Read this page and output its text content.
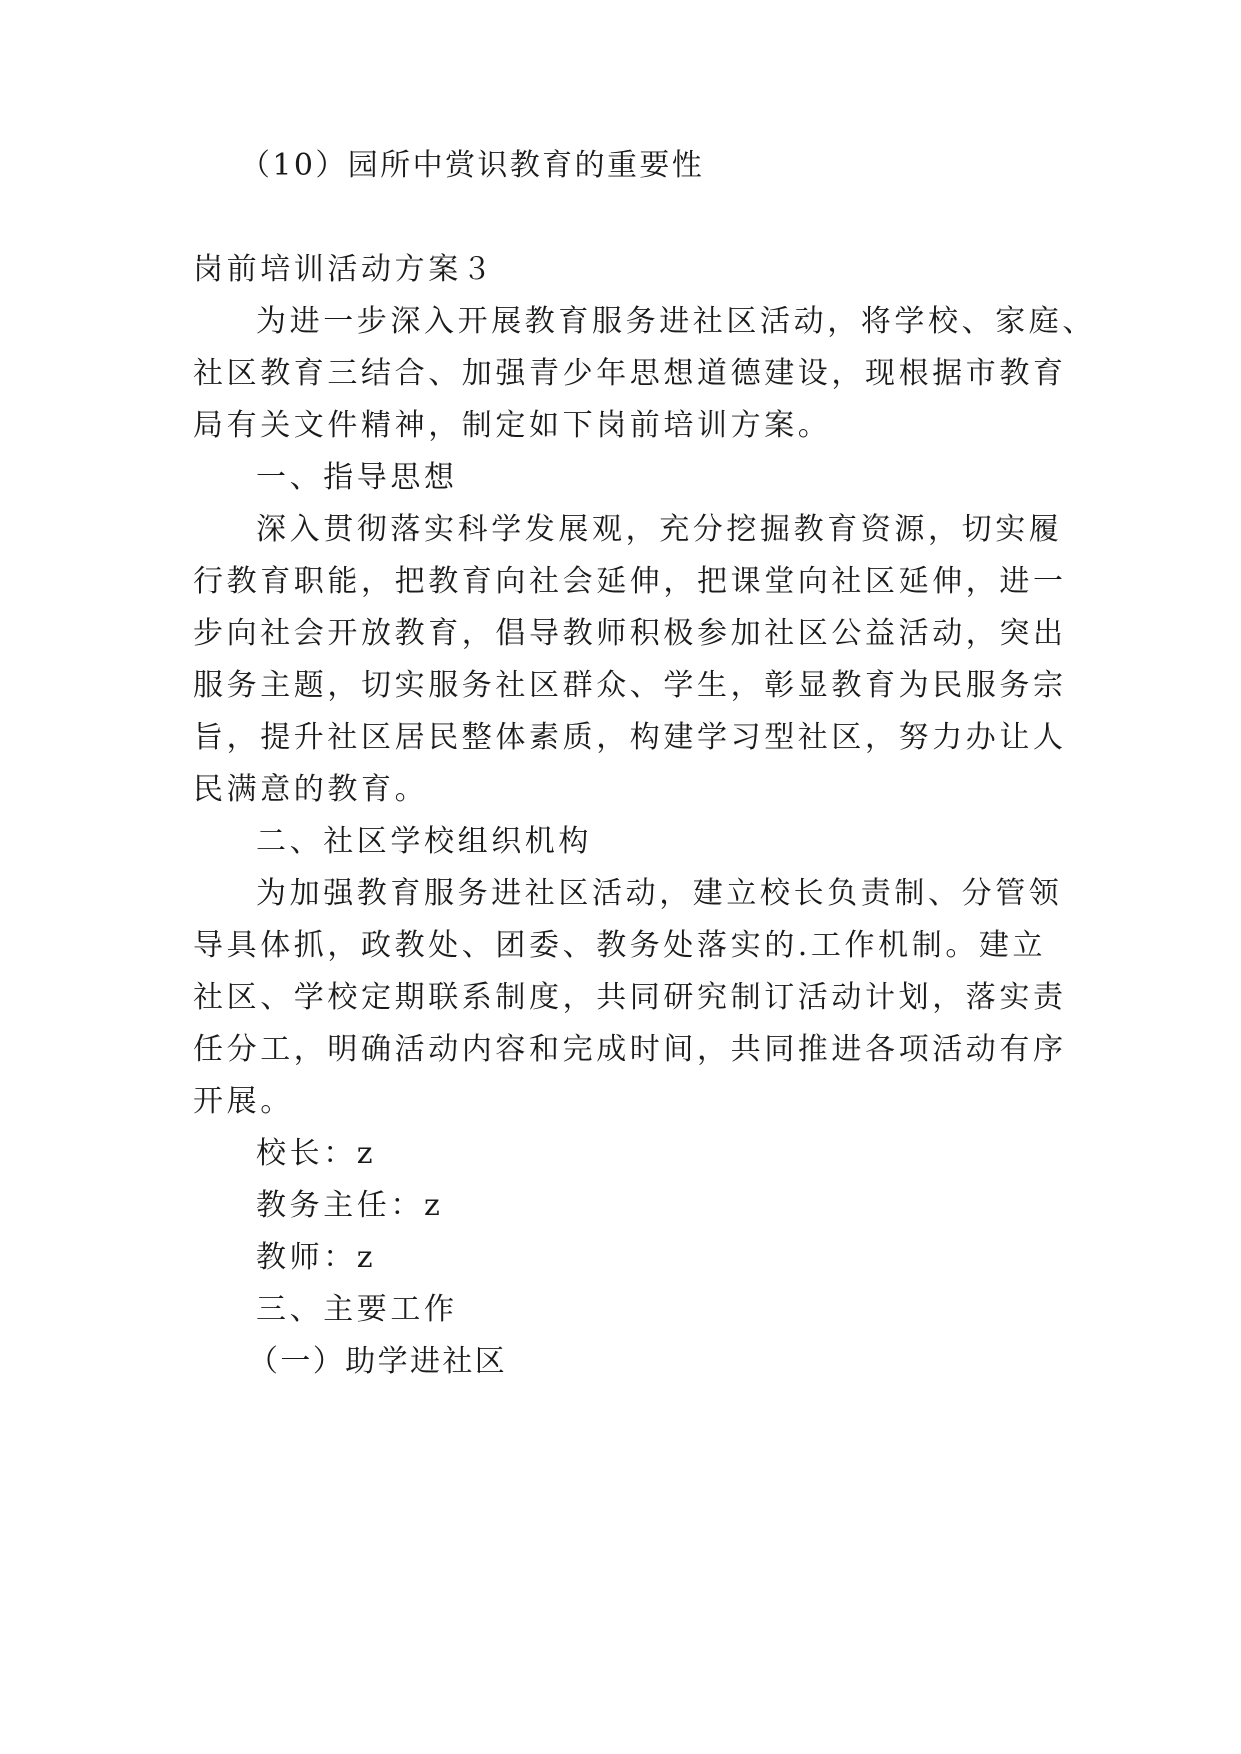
（10）园所中赏识教育的重要性
岗前培训活动方案３
为进一步深入开展教育服务进社区活动，将学校、家庭、
社区教育三结合、加强青少年思想道德建设，现根据市教育
局有关文件精神，制定如下岗前培训方案。
一、指导思想
深入贯彻落实科学发展观，充分挖掘教育资源，切实履
行教育职能，把教育向社会延伸，把课堂向社区延伸，进一
步向社会开放教育，倡导教师积极参加社区公益活动，突出
服务主题，切实服务社区群众、学生，彰显教育为民服务宗
旨，提升社区居民整体素质，构建学习型社区，努力办让人
民满意的教育。
二、社区学校组织机构
为加强教育服务进社区活动，建立校长负责制、分管领
导具体抓，政教处、团委、教务处落实的.工作机制。建立
社区、学校定期联系制度，共同研究制订活动计划，落实责
任分工，明确活动内容和完成时间，共同推进各项活动有序
开展。
校长：z
教务主任：z
教师：z
三、主要工作
（一）助学进社区
